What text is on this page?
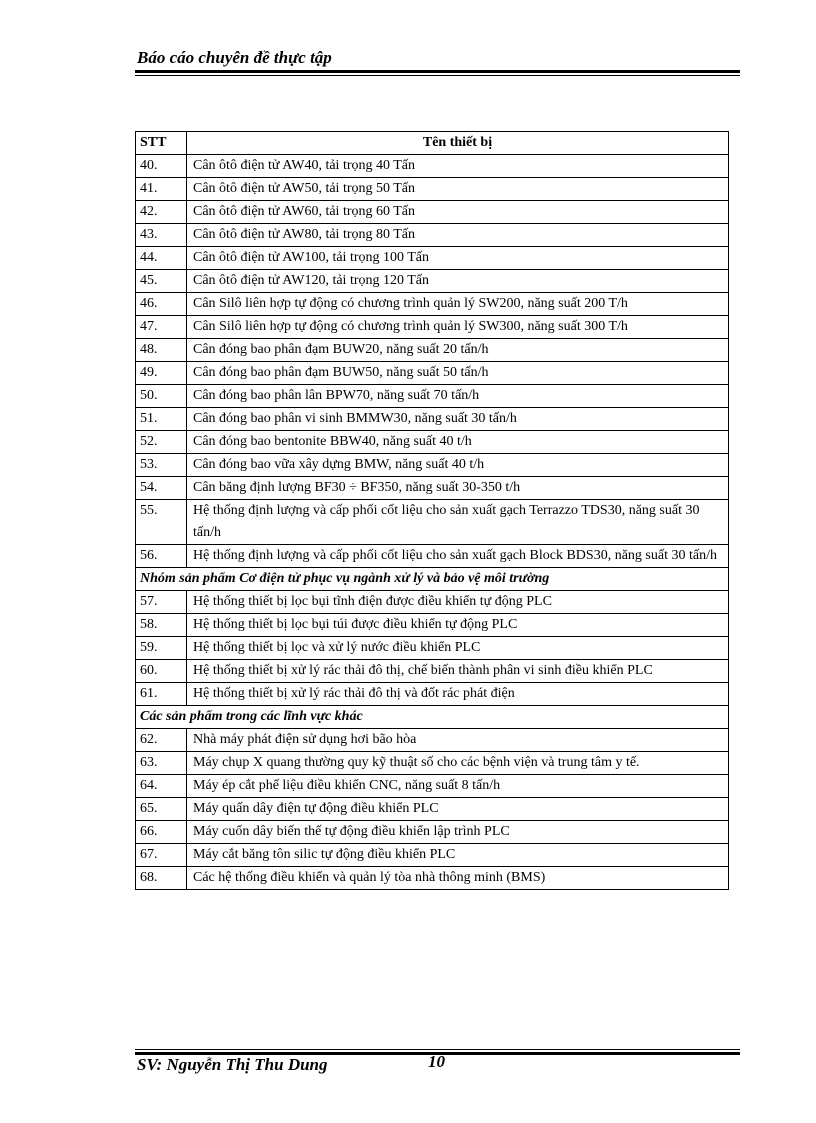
Báo cáo chuyên đề thực tập
STT	Tên thiết bị
40.	Cân ôtô điện tử AW40, tải trọng 40 Tấn
41.	Cân ôtô điện tử AW50, tải trọng 50 Tấn
42.	Cân ôtô điện tử AW60, tải trọng 60 Tấn
43.	Cân ôtô điện tử AW80, tải trọng 80 Tấn
44.	Cân ôtô điện tử AW100, tải trọng 100 Tấn
45.	Cân ôtô điện tử AW120, tải trọng 120 Tấn
46.	Cân Silô liên hợp tự động có chương trình quản lý SW200, năng suất 200 T/h
47.	Cân Silô liên hợp tự động có chương trình quản lý SW300, năng suất 300 T/h
48.	Cân đóng bao phân đạm BUW20, năng suất 20 tấn/h
49.	Cân đóng bao phân đạm BUW50, năng suất 50 tấn/h
50.	Cân đóng bao phân lân BPW70, năng suất 70 tấn/h
51.	Cân đóng bao phân vi sinh BMMW30, năng suất 30 tấn/h
52.	Cân đóng bao bentonite BBW40, năng suất 40 t/h
53.	Cân đóng bao vữa xây dựng BMW, năng suất 40 t/h
54.	Cân băng định lượng BF30 ÷ BF350, năng suất 30-350 t/h
55.	Hệ thống định lượng và cấp phối cốt liệu cho sản xuất gạch Terrazzo TDS30, năng suất 30 tấn/h
56.	Hệ thống định lượng và cấp phối cốt liệu cho sản xuất gạch Block BDS30, năng suất 30 tấn/h
Nhóm sản phẩm Cơ điện tử phục vụ ngành xử lý và bảo vệ môi trường	
57.	Hệ thống thiết bị lọc bụi tĩnh điện được điều khiển tự động PLC
58.	Hệ thống thiết bị lọc bụi túi được điều khiển tự động PLC
59.	Hệ thống thiết bị lọc và xử lý nước điều khiển PLC
60.	Hệ thống thiết bị xử lý rác thải đô thị, chế biến thành phân vi sinh điều khiển PLC
61.	Hệ thống thiết bị xử lý rác thải đô thị và đốt rác phát điện
Các sản phẩm trong các lĩnh vực khác	
62.	Nhà máy phát điện sử dụng hơi bão hòa
63.	Máy chụp X quang thường quy kỹ thuật số cho các bệnh viện và trung tâm y tế.
64.	Máy ép cắt phế liệu điều khiển CNC, năng suất 8 tấn/h
65.	Máy quấn dây điện tự động điều khiển PLC
66.	Máy cuốn dây biến thế tự động điều khiển lập trình PLC
67.	Máy cắt băng tôn silic tự động điều khiển PLC
68.	Các hệ thống điều khiển và quản lý tòa nhà thông minh (BMS)
SV: Nguyễn Thị Thu Dung	10
